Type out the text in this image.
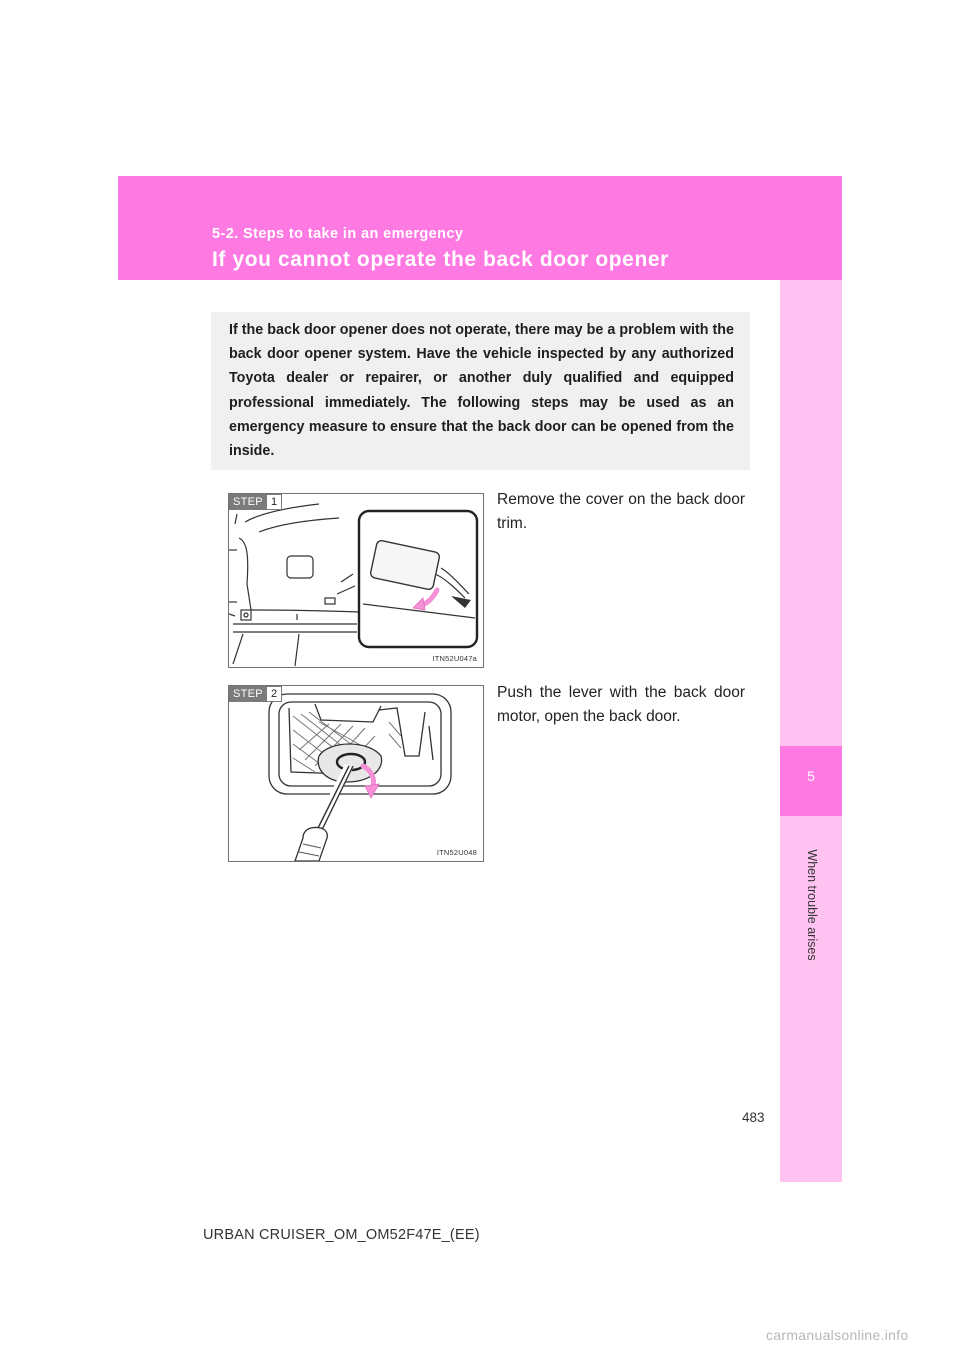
5-2. Steps to take in an emergency
If you cannot operate the back door opener
5
When trouble arises

If the back door opener does not operate, there may be a problem with the back door opener system. Have the vehicle inspected by any authorized Toyota dealer or repairer, or another duly qualified and equipped professional immediately. The following steps may be used as an emergency measure to ensure that the back door can be opened from the inside.

STEP 1
ITN52U047a
Remove the cover on the back door trim.
STEP 2
ITN52U048
Push the lever with the back door motor, open the back door.
483
URBAN CRUISER_OM_OM52F47E_(EE)
carmanualsonline.info
